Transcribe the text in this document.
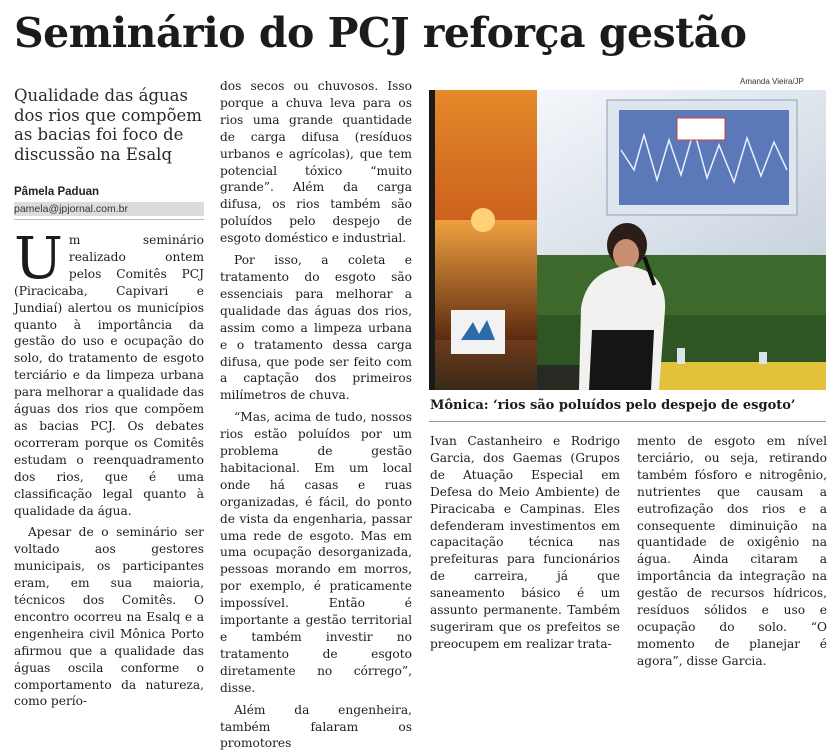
Seminário do PCJ reforça gestão

Qualidade das águas dos rios que compõem as bacias foi foco de discussão na Esalq

Pâmela Paduan
pamela@jpjornal.com.br

Um seminário realizado ontem pelos Comitês PCJ (Piracicaba, Capivari e Jundiaí) alertou os municípios quanto à importância da gestão do uso e ocupação do solo, do tratamento de esgoto terciário e da limpeza urbana para melhorar a qualidade das águas dos rios que compõem as bacias PCJ. Os debates ocorreram porque os Comitês estudam o reenquadramento dos rios, que é uma classificação legal quanto à qualidade da água.

Apesar de o seminário ser voltado aos gestores municipais, os participantes eram, em sua maioria, técnicos dos Comitês. O encontro ocorreu na Esalq e a engenheira civil Mônica Porto afirmou que a qualidade das águas oscila conforme o comportamento da natureza, como perío-

dos secos ou chuvosos. Isso porque a chuva leva para os rios uma grande quantidade de carga difusa (resíduos urbanos e agrícolas), que tem potencial tóxico “muito grande”. Além da carga difusa, os rios também são poluídos pelo despejo de esgoto doméstico e industrial.

Por isso, a coleta e tratamento do esgoto são essenciais para melhorar a qualidade das águas dos rios, assim como a limpeza urbana e o tratamento dessa carga difusa, que pode ser feito com a captação dos primeiros milímetros de chuva.

“Mas, acima de tudo, nossos rios estão poluídos por um problema de gestão habitacional. Em um local onde há casas e ruas organizadas, é fácil, do ponto de vista da engenharia, passar uma rede de esgoto. Mas em uma ocupação desorganizada, pessoas morando em morros, por exemplo, é praticamente impossível. Então é importante a gestão territorial e também investir no tratamento de esgoto diretamente no córrego”, disse.

Além da engenheira, também falaram os promotores

Amanda Vieira/JP
Mônica: ‘rios são poluídos pelo despejo de esgoto’

Ivan Castanheiro e Rodrigo Garcia, dos Gaemas (Grupos de Atuação Especial em Defesa do Meio Ambiente) de Piracicaba e Campinas. Eles defenderam investimentos em capacitação técnica nas prefeituras para funcionários de carreira, já que saneamento básico é um assunto permanente. Também sugeriram que os prefeitos se preocupem em realizar trata-

mento de esgoto em nível terciário, ou seja, retirando também fósforo e nitrogênio, nutrientes que causam a eutrofização dos rios e a consequente diminuição na quantidade de oxigênio na água. Ainda citaram a importância da integração na gestão de recursos hídricos, resíduos sólidos e uso e ocupação do solo. “O momento de planejar é agora”, disse Garcia.
